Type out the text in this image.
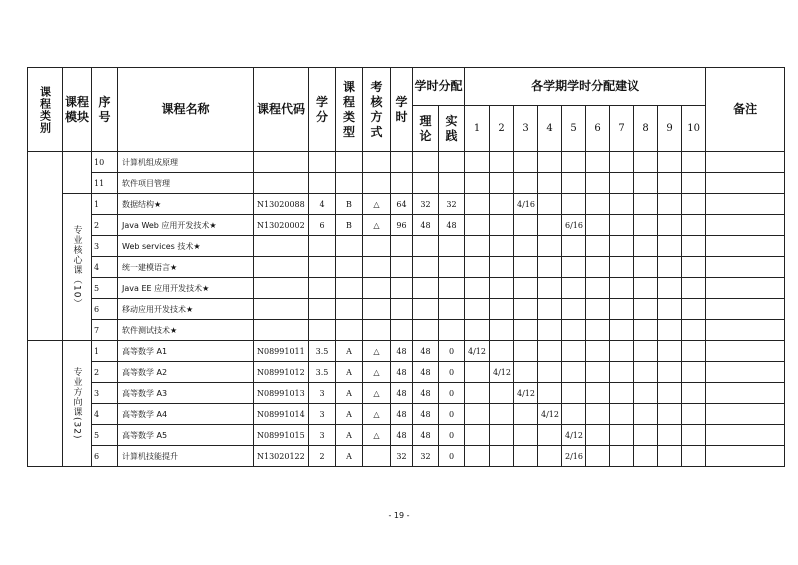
课程类别	课程模块	序号	课程名称	课程代码	学分	课程类型	考核方式	学时	学时分配		各学期学时分配建议										备注

									理论	实践	1	2	3	4	5	6	7	8	9	10	
		10	计算机组成原理																		
		11	软件项目管理																		

	专业核心课（10）	1	数据结构★	N13020088	4	B	△	64	32	32			4/16								
		2	Java Web 应用开发技术★	N13020002	6	B	△	96	48	48					6/16						
		3	Web services 技术★																		
		4	统一建模语言★																		
		5	Java EE 应用开发技术★																		
		6	移动应用开发技术★																		
		7	软件测试技术★																		

	专业方向课(32)	1	高等数学 A1	N08991011	3.5	A	△	48	48	0	4/12										
		2	高等数学 A2	N08991012	3.5	A	△	48	48	0		4/12									
		3	高等数学 A3	N08991013	3	A	△	48	48	0			4/12								
		4	高等数学 A4	N08991014	3	A	△	48	48	0				4/12							
		5	高等数学 A5	N08991015	3	A	△	48	48	0					4/12						
		6	计算机技能提升	N13020122	2	A		32	32	0					2/16						
- 19 -
